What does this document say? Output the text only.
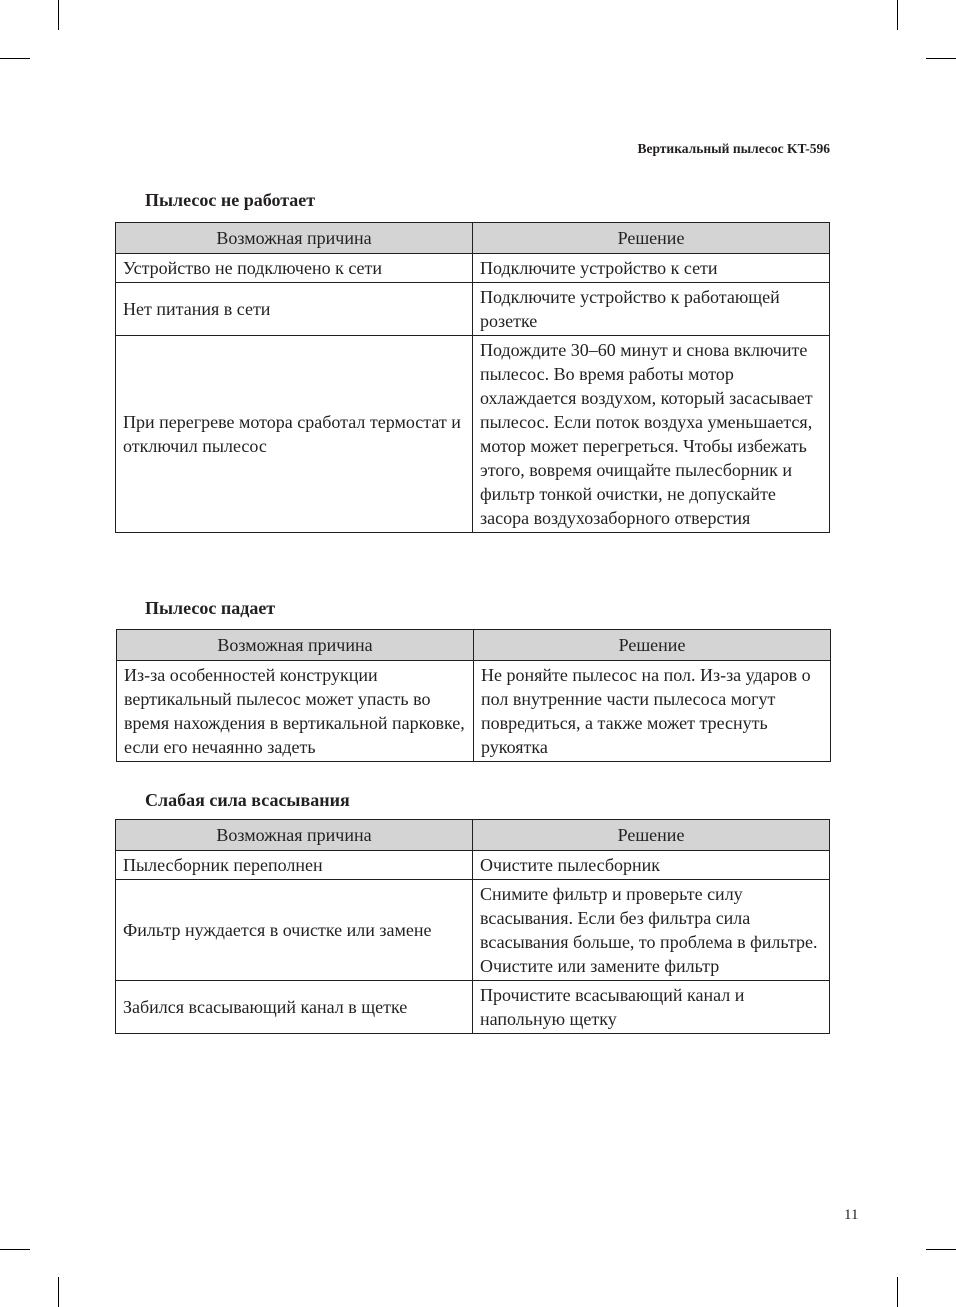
Вертикальный пылесос KT-596
Пылесос не работает
Возможная причина	Решение
Устройство не подключено к сети	Подключите устройство к сети
Нет питания в сети	Подключите устройство к работающей розетке
При перегреве мотора сработал термостат и отключил пылесос	Подождите 30–60 минут и снова включите пылесос. Во время работы мотор охлаждается воздухом, который засасывает пылесос. Если поток воздуха уменьшается, мотор может перегреться. Чтобы избежать этого, вовремя очищайте пылесборник и фильтр тонкой очистки, не допускайте засора воздухозаборного отверстия
Пылесос падает
Возможная причина	Решение
Из-за особенностей конструкции вертикальный пылесос может упасть во время нахождения в вертикальной парковке, если его нечаянно задеть	Не роняйте пылесос на пол. Из-за ударов о пол внутренние части пылесоса могут повредиться, а также может треснуть рукоятка
Слабая сила всасывания
Возможная причина	Решение
Пылесборник переполнен	Очистите пылесборник
Фильтр нуждается в очистке или замене	Снимите фильтр и проверьте силу всасывания. Если без фильтра сила всасывания больше, то проблема в фильтре. Очистите или замените фильтр
Забился всасывающий канал в щетке	Прочистите всасывающий канал и напольную щетку
11
